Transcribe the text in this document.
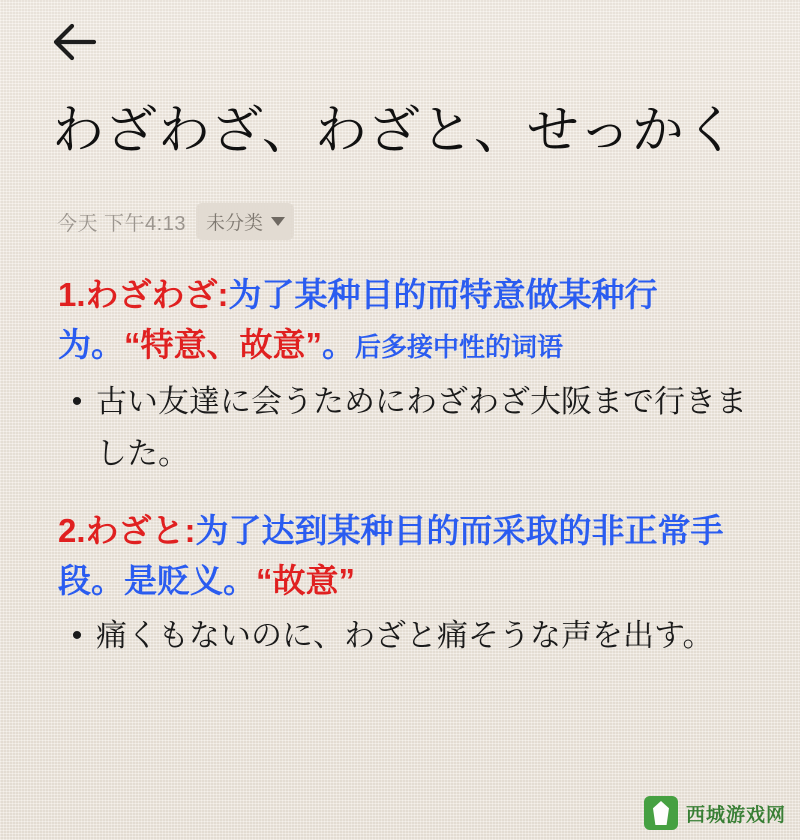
わざわざ、わざと、せっかく
今天 下午4:13 未分类

1.わざわざ:为了某种目的而特意做某种行为。“特意、故意”。后多接中性的词语

• 古い友達に会うためにわざわざ大阪まで行きました。

2.わざと:为了达到某种目的而采取的非正常手段。是贬义。“故意”

• 痛くもないのに、わざと痛そうな声を出す。
西城游戏网
